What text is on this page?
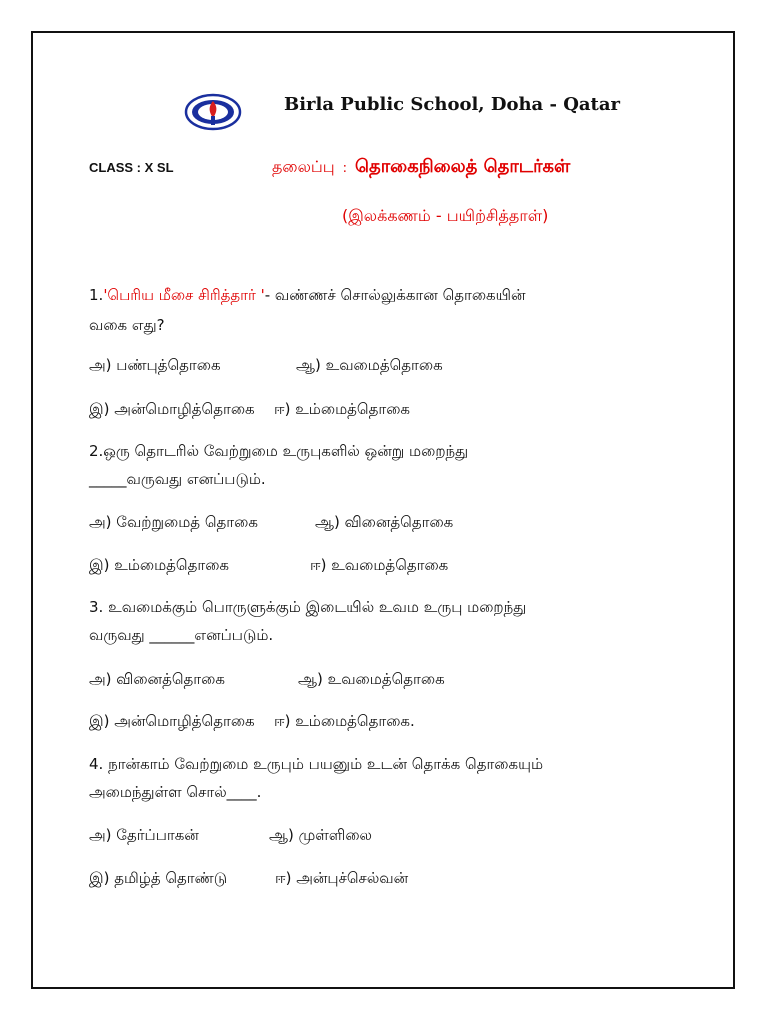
Birla Public School, Doha - Qatar
CLASS : X SL	தலைப்பு : தொகைநிலைத் தொடர்கள்
(இலக்கணம் - பயிற்சித்தாள்)
1.'பெரிய மீசை சிரித்தார் '- வண்ணச் சொல்லுக்கான தொகையின்
வகை எது?
அ) பண்புத்தொகை	ஆ) உவமைத்தொகை
இ) அன்மொழித்தொகை ஈ) உம்மைத்தொகை
2.ஒரு தொடரில் வேற்றுமை உருபுகளில் ஒன்று மறைந்து
_____வருவது எனப்படும்.
அ) வேற்றுமைத் தொகை	ஆ) வினைத்தொகை
இ) உம்மைத்தொகை	ஈ) உவமைத்தொகை
3. உவமைக்கும் பொருளுக்கும் இடையில் உவம உருபு மறைந்து
வருவது ______எனப்படும்.
அ) வினைத்தொகை	ஆ) உவமைத்தொகை
இ) அன்மொழித்தொகை ஈ) உம்மைத்தொகை.
4. நான்காம் வேற்றுமை உருபும் பயனும் உடன் தொக்க தொகையும்
அமைந்துள்ள சொல்____.
அ) தேர்ப்பாகன்	ஆ) முள்ளிலை
இ) தமிழ்த் தொண்டு	ஈ) அன்புச்செல்வன்
